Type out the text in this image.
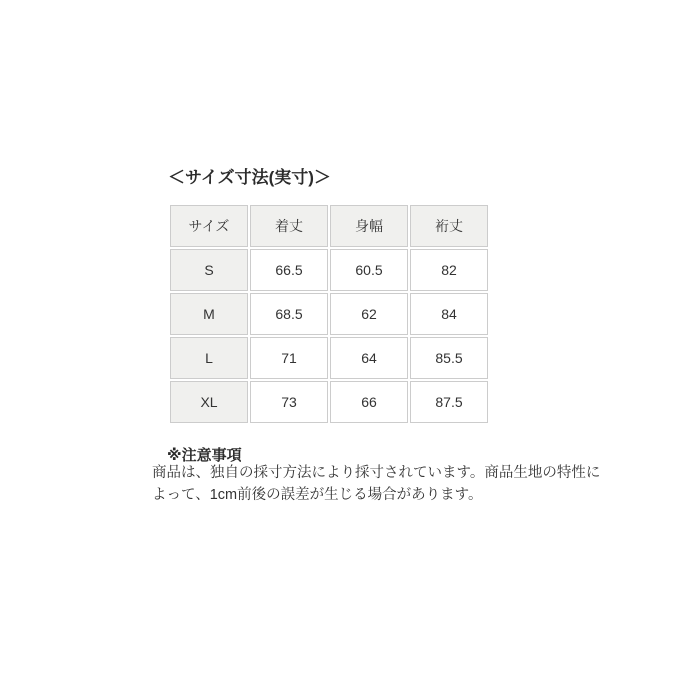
＜サイズ寸法(実寸)＞
サイズ	着丈	身幅	裄丈
S	66.5	60.5	82
M	68.5	62	84
L	71	64	85.5
XL	73	66	87.5
※注意事項
商品は、独自の採寸方法により採寸されています。商品生地の特性に
よって、1cm前後の誤差が生じる場合があります。
